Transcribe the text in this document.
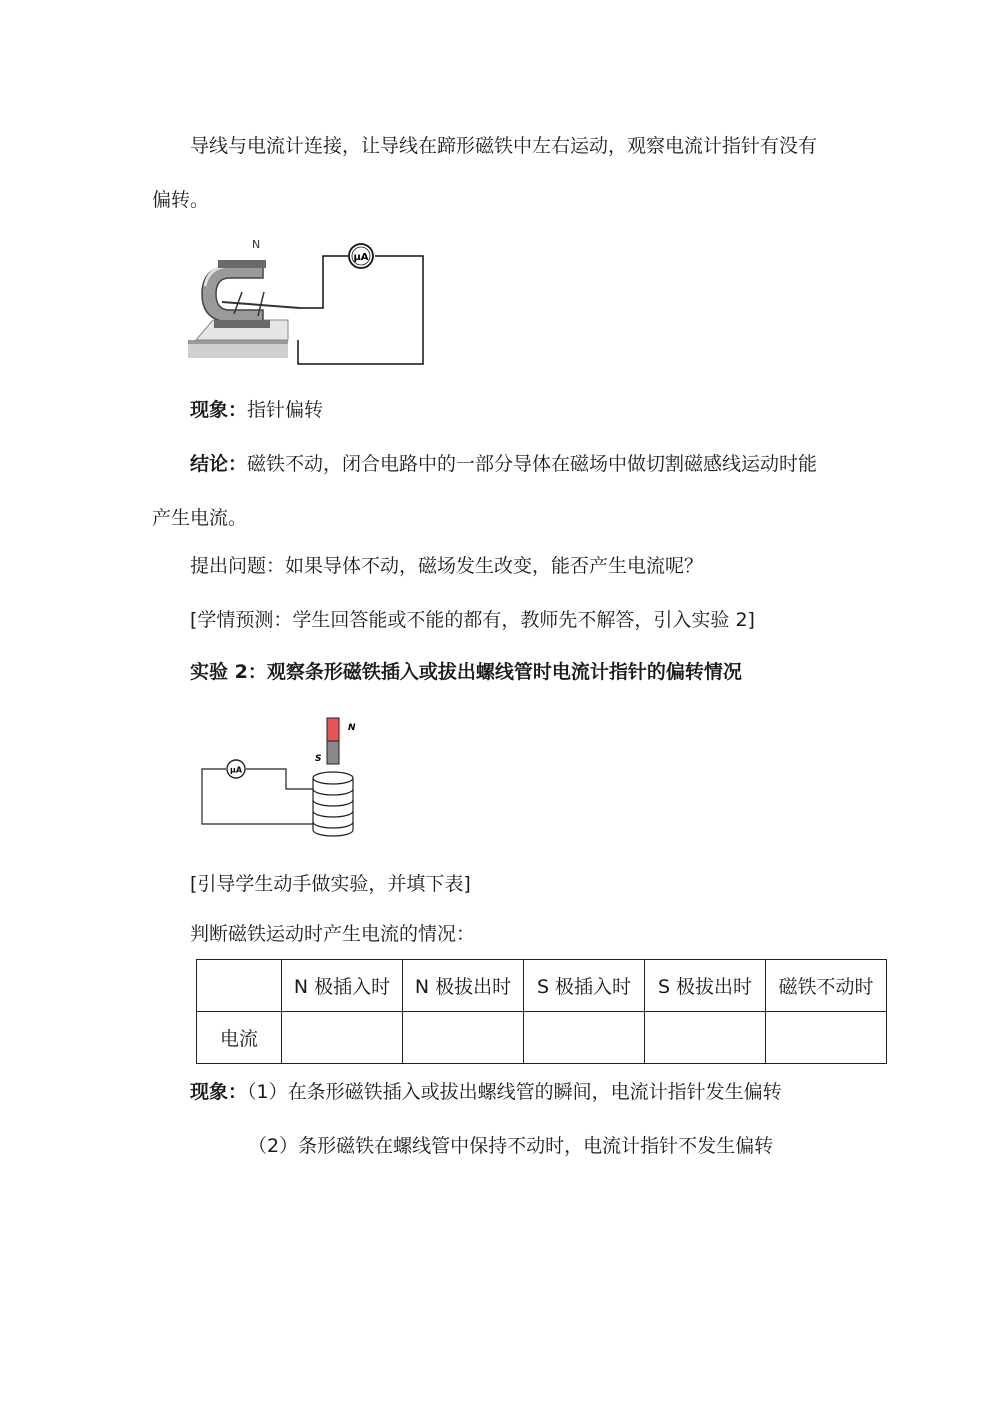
导线与电流计连接，让导线在蹄形磁铁中左右运动，观察电流计指针有没有
偏转。
N
μA
现象：指针偏转
结论：磁铁不动，闭合电路中的一部分导体在磁场中做切割磁感线运动时能
产生电流。
提出问题：如果导体不动，磁场发生改变，能否产生电流呢？
[学情预测：学生回答能或不能的都有，教师先不解答，引入实验 2]
实验 2：观察条形磁铁插入或拔出螺线管时电流计指针的偏转情况
N
S
μA
[引导学生动手做实验，并填下表]
判断磁铁运动时产生电流的情况：
	N 极插入时	N 极拔出时	S 极插入时	S 极拔出时	磁铁不动时
电流					
现象：（1）在条形磁铁插入或拔出螺线管的瞬间，电流计指针发生偏转
（2）条形磁铁在螺线管中保持不动时，电流计指针不发生偏转
